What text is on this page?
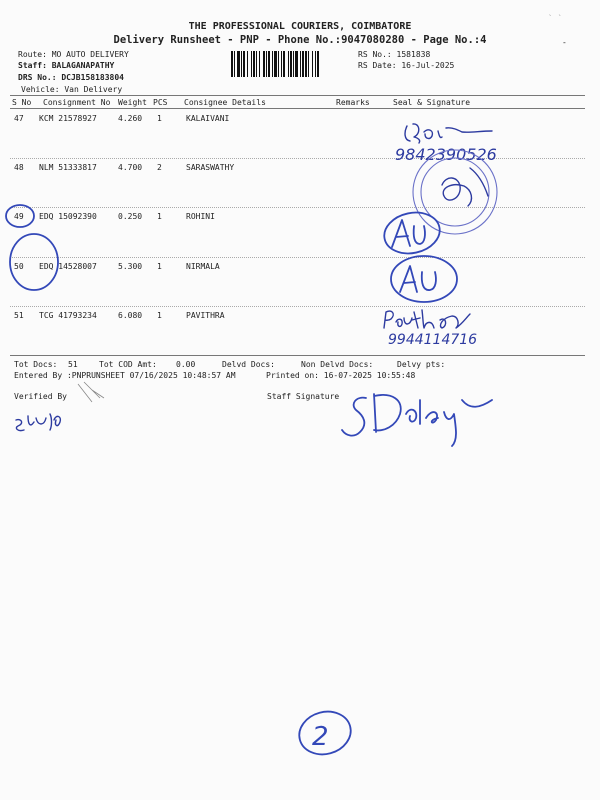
THE PROFESSIONAL COURIERS, COIMBATORE
Delivery Runsheet - PNP - Phone No.:9047080280 - Page No.:4
Route: MO AUTO DELIVERY
Staff: BALAGANAPATHY
DRS No.: DCJB158183804
Vehicle: Van Delivery
RS No.: 1581838
RS Date: 16-Jul-2025
S No Consignment No Weight PCS Consignee Details	Remarks	Seal & Signature
47 KCM 21578927	4.260 1	KALAIVANI
48 NLM 51333817	4.700 2	SARASWATHY
49 EDQ 15092390	0.250 1	ROHINI
50 EDQ 14528007	5.300 1	NIRMALA
51 TCG 41793234	6.080 1	PAVITHRA
Tot Docs: 51	Tot COD Amt: 0.00	Delvd Docs:	Non Delvd Docs:	Delvy pts:
Entered By :PNPRUNSHEET 07/16/2025 10:48:57 AM	Printed on: 16-07-2025 10:55:48
Verified By	Staff Signature
-
` `
9842390526
9944114716
2
